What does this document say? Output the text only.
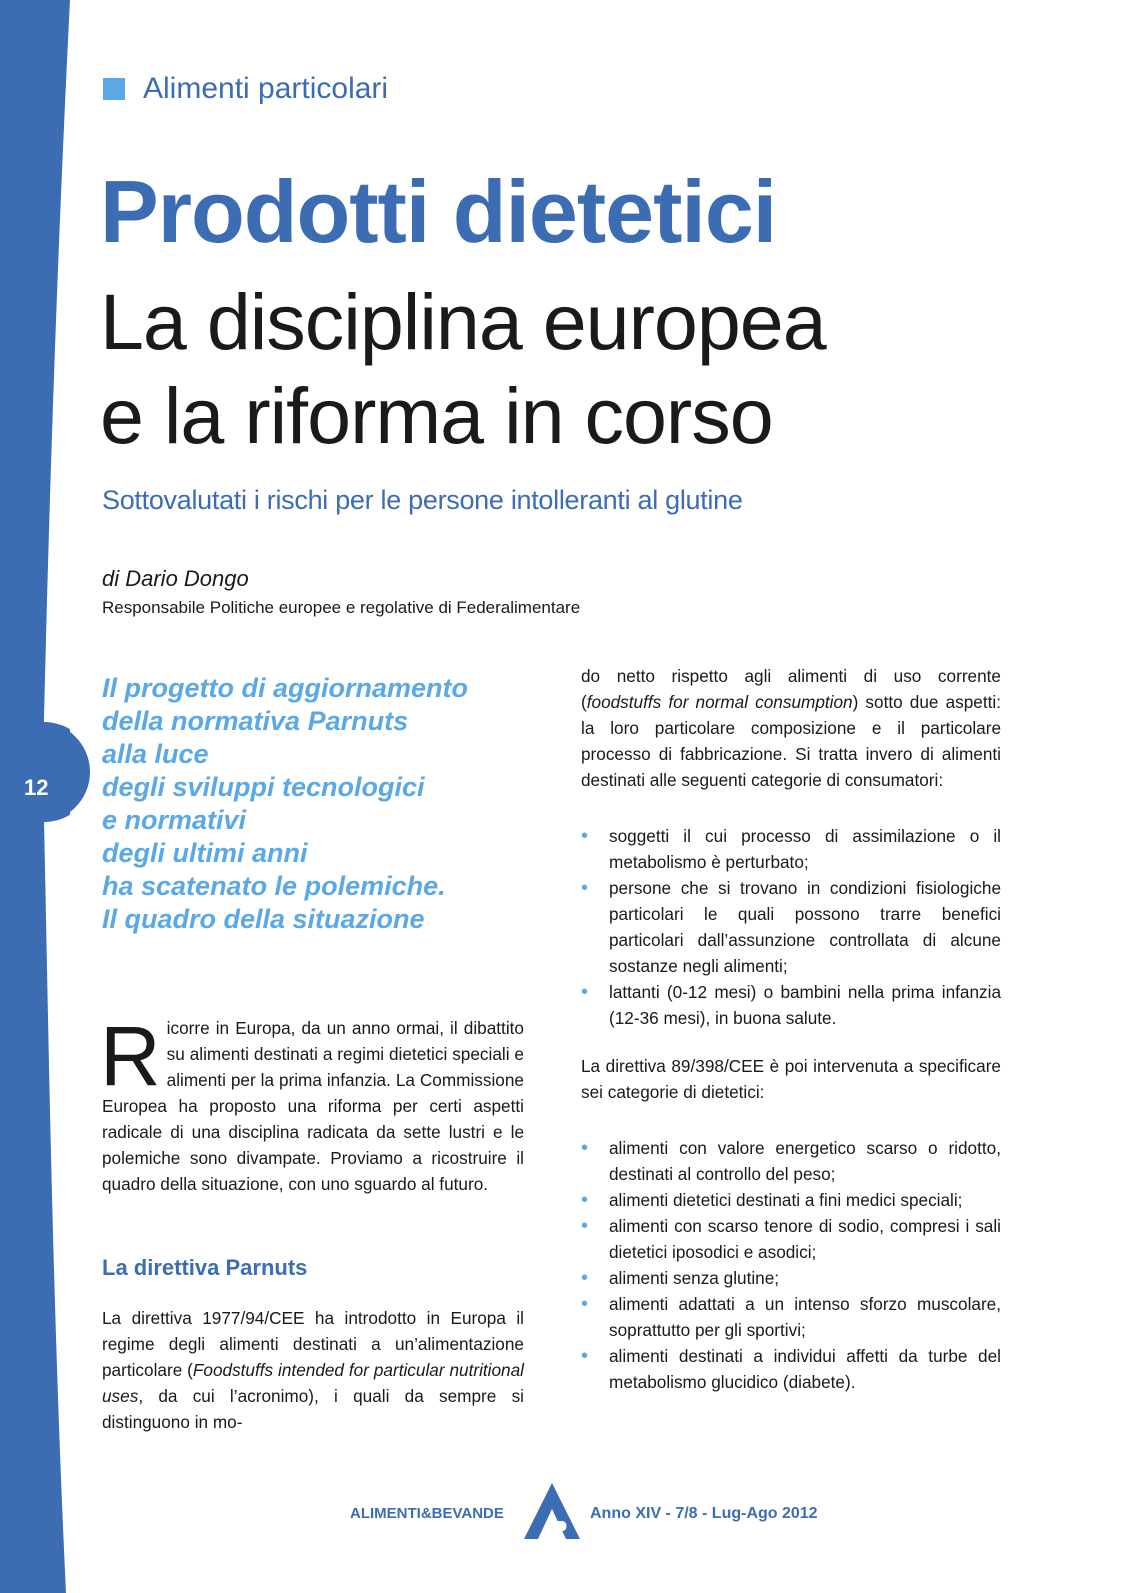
12
Alimenti particolari
Prodotti dietetici
La disciplina europea
e la riforma in corso
Sottovalutati i rischi per le persone intolleranti al glutine
di Dario Dongo
Responsabile Politiche europee e regolative di Federalimentare
Il progetto di aggiornamento
della normativa Parnuts
alla luce
degli sviluppi tecnologici
e normativi
degli ultimi anni
ha scatenato le polemiche.
Il quadro della situazione
Ricorre in Europa, da un anno ormai, il dibattito su alimenti destinati a regimi dietetici speciali e alimenti per la prima infanzia. La Commissione Europea ha proposto una riforma per certi aspetti radicale di una disciplina radicata da sette lustri e le polemiche sono divampate. Proviamo a ricostruire il quadro della situazione, con uno sguardo al futuro.
La direttiva Parnuts
La direttiva 1977/94/CEE ha introdotto in Europa il regime degli alimenti destinati a un’alimentazione particolare (Foodstuffs intended for particular nutritional uses, da cui l’acronimo), i quali da sempre si distinguono in mo-

do netto rispetto agli alimenti di uso corrente (foodstuffs for normal consumption) sotto due aspetti: la loro particolare composizione e il particolare processo di fabbricazione. Si tratta invero di alimenti destinati alle seguenti categorie di consumatori:

• soggetti il cui processo di assimilazione o il metabolismo è perturbato;
• persone che si trovano in condizioni fisiologiche particolari le quali possono trarre benefici particolari dall’assunzione controllata di alcune sostanze negli alimenti;
• lattanti (0-12 mesi) o bambini nella prima infanzia (12-36 mesi), in buona salute.

La direttiva 89/398/CEE è poi intervenuta a specificare sei categorie di dietetici:

• alimenti con valore energetico scarso o ridotto, destinati al controllo del peso;
• alimenti dietetici destinati a fini medici speciali;
• alimenti con scarso tenore di sodio, compresi i sali dietetici iposodici e asodici;
• alimenti senza glutine;
• alimenti adattati a un intenso sforzo muscolare, soprattutto per gli sportivi;
• alimenti destinati a individui affetti da turbe del metabolismo glucidico (diabete).
ALIMENTI&BEVANDE	Anno XIV - 7/8 - Lug-Ago 2012
